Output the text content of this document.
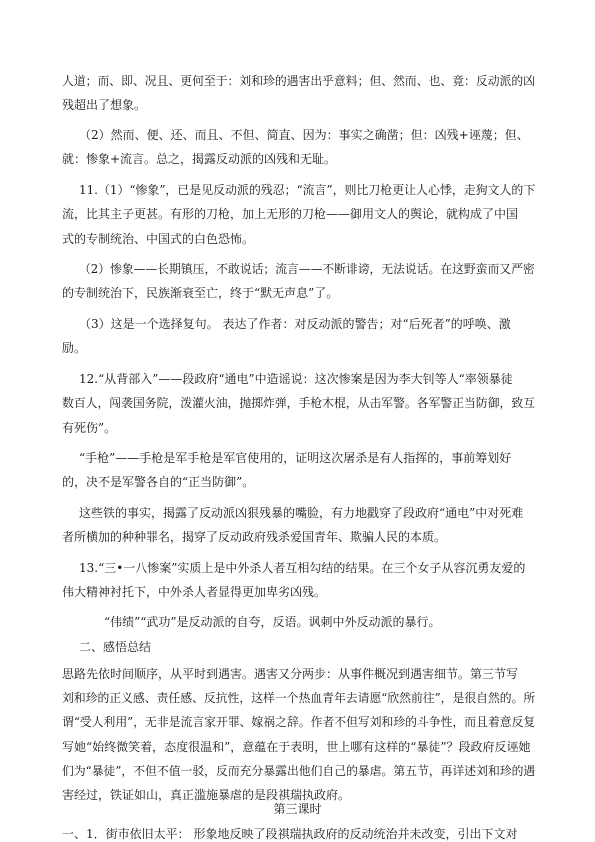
人道；而、即、况且、更何至于：刘和珍的遇害出乎意料；但、然而、也、竟：反动派的凶
残超出了想象。
（2）然而、便、还、而且、不但、简直、因为：事实之确凿；但：凶残+诬蔑；但、
就：惨象+流言。总之，揭露反动派的凶残和无耻。
11.（1）“惨象”，已是见反动派的残忍；“流言”，则比刀枪更让人心悸，走狗文人的下
流，比其主子更甚。有形的刀枪，加上无形的刀枪——御用文人的舆论，就构成了中国
式的专制统治、中国式的白色恐怖。
（2）惨象——长期镇压，不敢说话；流言——不断诽谤，无法说话。在这野蛮而又严密
的专制统治下，民族渐衰至亡，终于“默无声息”了。
（3）这是一个选择复句。 表达了作者：对反动派的警告；对“后死者”的呼唤、激
励。
12.“从背部入”——段政府“通电”中造谣说：这次惨案是因为李大钊等人“率领暴徒
数百人，闯袭国务院，泼灌火油，抛掷炸弹，手枪木棍，从击军警。各军警正当防御，致互
有死伤”。
“手枪”——手枪是军手枪是军官使用的，证明这次屠杀是有人指挥的，事前筹划好
的，决不是军警各自的“正当防御”。
这些铁的事实，揭露了反动派凶狠残暴的嘴脸，有力地戳穿了段政府“通电”中对死难
者所横加的种种罪名，揭穿了反动政府残杀爱国青年、欺骗人民的本质。
13.“三•一八惨案”实质上是中外杀人者互相勾结的结果。在三个女子从容沉勇友爱的
伟大精神衬托下，中外杀人者显得更加卑劣凶残。
“伟绩”“武功”是反动派的自夸，反语。讽刺中外反动派的暴行。
二、感悟总结
思路先依时间顺序，从平时到遇害。遇害又分两步：从事件概况到遇害细节。第三节写
刘和珍的正义感、责任感、反抗性，这样一个热血青年去请愿“欣然前往”，是很自然的。所
谓“受人利用”，无非是流言家开罪、嫁祸之辞。作者不但写刘和珍的斗争性，而且着意反复
写她“始终微笑着，态度很温和”，意蕴在于表明，世上哪有这样的“暴徒”？段政府反诬她
们为“暴徒”，不但不值一驳，反而充分暴露出他们自己的暴虐。第五节，再详述刘和珍的遇
害经过，铁证如山，真正滥施暴虐的是段祺瑞执政府。
第三课时
一、1．街市依旧太平： 形象地反映了段祺瑞执政府的反动统治并未改变，引出下文对
